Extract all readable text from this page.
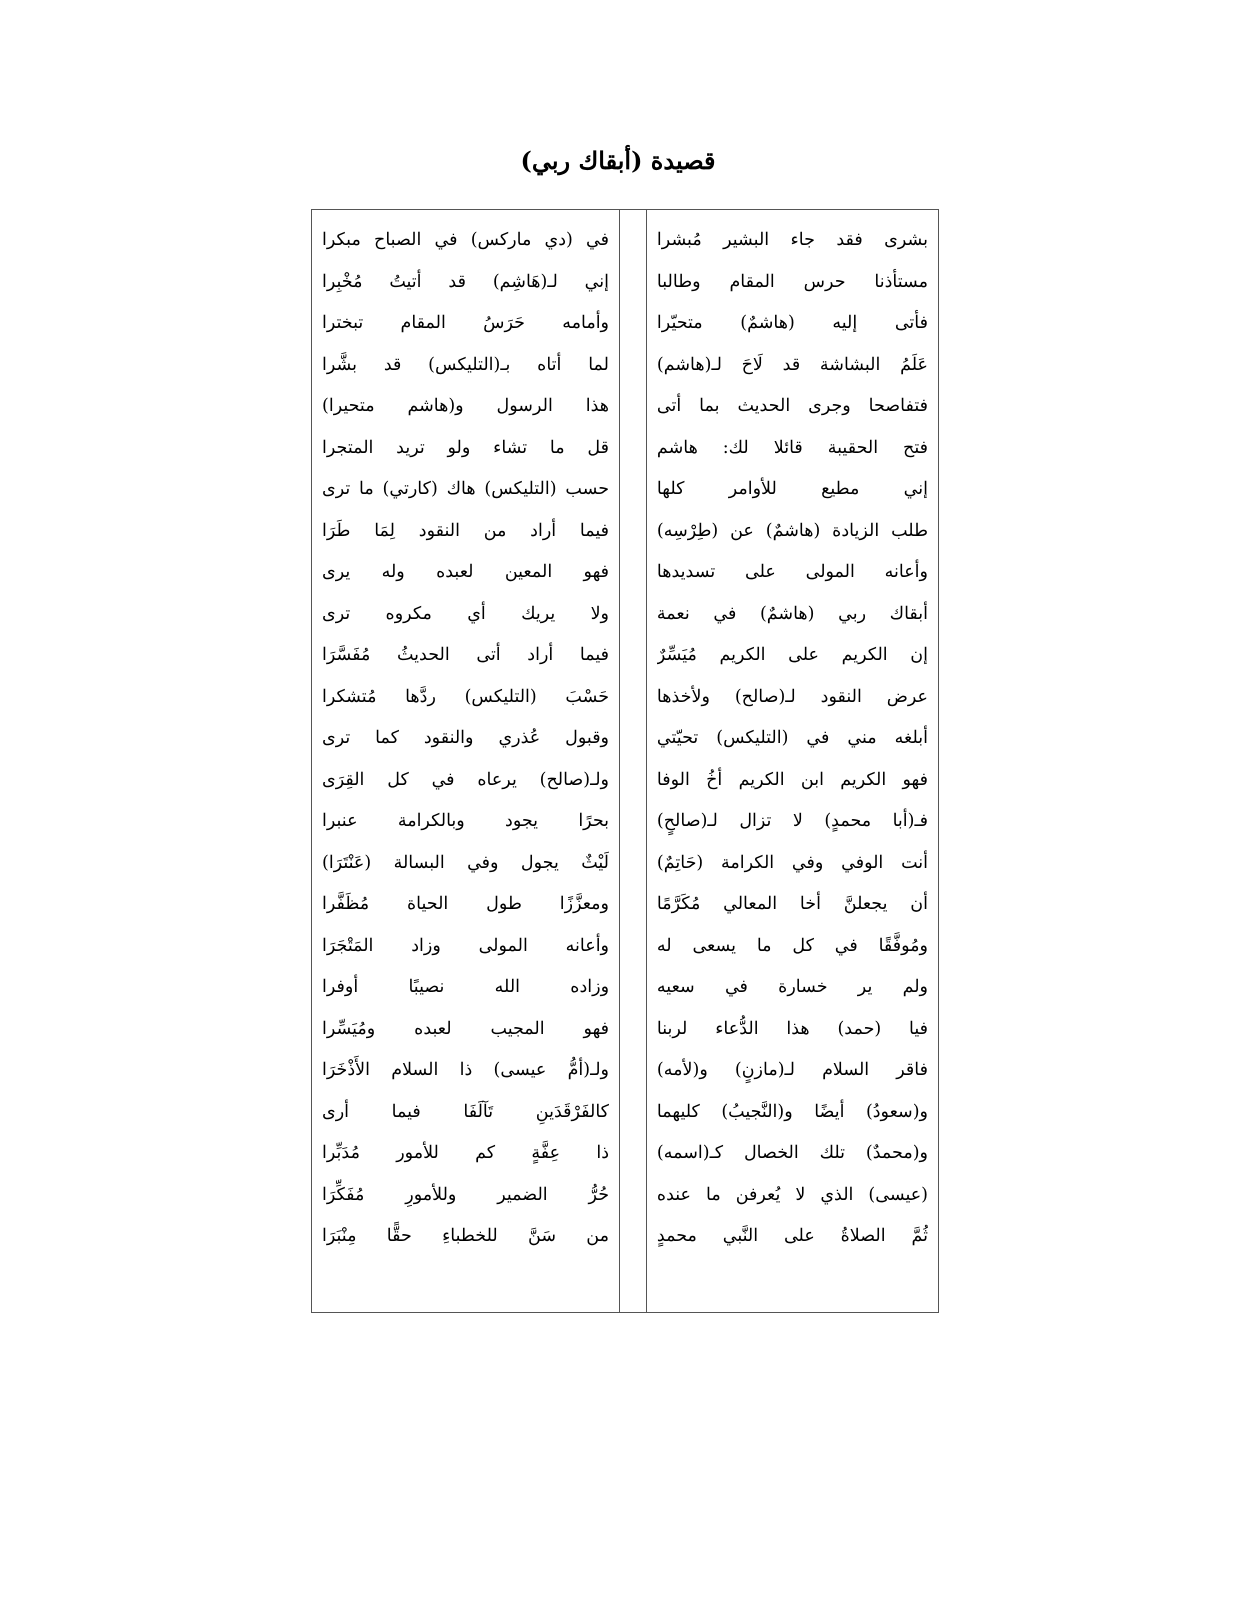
قصيدة (أبقاك ربي)
بشرى فقد جاء البشير مُبشرا
مستأذنا حرس المقام وطالبا
فأتى إليه (هاشمٌ) متحيّرا
عَلَمُ البشاشة قد لَاحَ لـ(هاشم)
فتفاصحا وجرى الحديث بما أتى
فتح الحقيبة قائلا لك: هاشم
إني مطيع للأوامر كلها
طلب الزيادة (هاشمٌ) عن (طِرْسِه)
وأعانه المولى على تسديدها
أبقاك ربي (هاشمٌ) في نعمة
إن الكريم على الكريم مُيَسِّرٌ
عرض النقود لـ(صالح) ولأخذها
أبلغه مني في (التليكس) تحيّتي
فهو الكريم ابن الكريم أخُ الوفا
فـ(أبا محمدٍ) لا تزال لـ(صالحٍ)
أنت الوفي وفي الكرامة (حَاتِمٌ)
أن يجعلنَّ أخا المعالي مُكَرَّمًا
ومُوفَّقًا في كل ما يسعى له
ولم ير خسارة في سعيه
فيا (حمد) هذا الدُّعاء لربنا
فاقر السلام لـ(مازنٍ) و(لأمه)
و(سعودُ) أيضًا و(النَّجيبُ) كليهما
و(محمدٌ) تلك الخصال كـ(اسمه)
(عيسى) الذي لا يُعرفن ما عنده
ثُمَّ الصلاةُ على النَّبي محمدٍ
في (دي ماركس) في الصباح مبكرا
إني لـ(هَاشِم) قد أتيتُ مُخْبِرا
وأمامه حَرَسُ المقام تبخترا
لما أتاه بـ(التليكس) قد بشَّرا
هذا الرسول و(هاشم متحيرا)
قل ما تشاء ولو تريد المتجرا
حسب (التليكس) هاك (كارتي) ما ترى
فيما أراد من النقود لِمَا طَرَا
فهو المعين لعبده وله يرى
ولا يريك أي مكروه ترى
فيما أراد أتى الحديثُ مُفَسَّرَا
حَسْبَ (التليكس) ردَّها مُتشكرا
وقبول عُذري والنقود كما ترى
ولـ(صالح) يرعاه في كل القِرَى
بحرًا يجود وبالكرامة عنبرا
لَيْثٌ يجول وفي البسالة (عَنْتَرَا)
ومعزَّزًا طول الحياة مُظَفَّرا
وأعانه المولى وزاد المَتْجَرَا
وزاده الله نصيبًا أوفرا
فهو المجيب لعبده ومُيَسِّرا
ولـ(أمُّ عيسى) ذا السلام الأَذْخَرَا
كالفَرْقَدَينِ تَآلَفَا فيما أرى
ذا عِفَّةٍ كم للأمور مُدَبِّرا
حُرُّ الضمير وللأمورِ مُفَكِّرَا
من سَنَّ للخطباءِ حقًّا مِنْبَرَا
